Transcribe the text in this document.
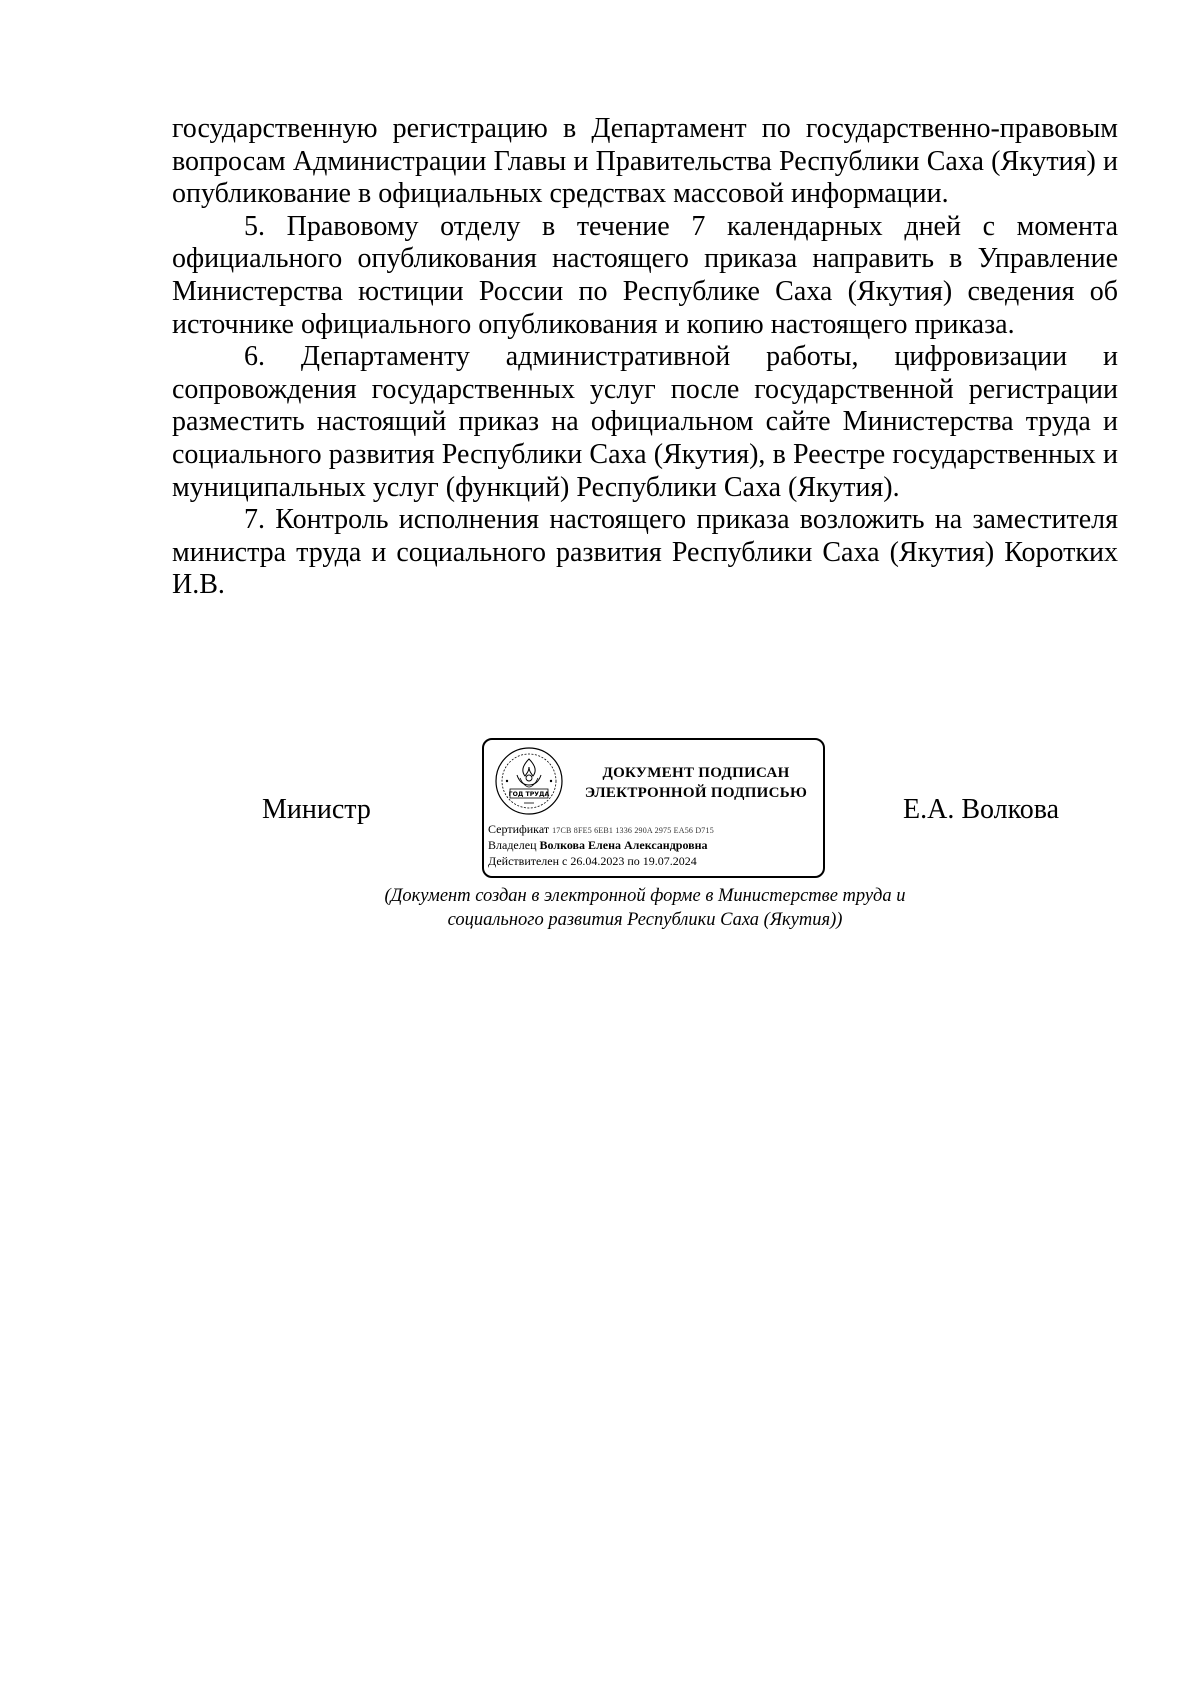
государственную регистрацию в Департамент по государственно-правовым вопросам Администрации Главы и Правительства Республики Саха (Якутия) и опубликование в официальных средствах массовой информации.

5. Правовому отделу в течение 7 календарных дней с момента официального опубликования настоящего приказа направить в Управление Министерства юстиции России по Республике Саха (Якутия) сведения об источнике официального опубликования и копию настоящего приказа.

6. Департаменту административной работы, цифровизации и сопровождения государственных услуг после государственной регистрации разместить настоящий приказ на официальном сайте Министерства труда и социального развития Республики Саха (Якутия), в Реестре государственных и муниципальных услуг (функций) Республики Саха (Якутия).

7. Контроль исполнения настоящего приказа возложить на заместителя министра труда и социального развития Республики Саха (Якутия) Коротких И.В.

Министр	ГОД ТРУДА
ДОКУМЕНТ ПОДПИСАН
ЭЛЕКТРОННОЙ ПОДПИСЬЮ
Сертификат 17CB 8FE5 6EB1 1336 290A 2975 EA56 D715
Владелец Волкова Елена Александровна
Действителен с 26.04.2023 по 19.07.2024
Е.А. Волкова
(Документ создан в электронной форме в Министерстве труда и
социального развития Республики Саха (Якутия))
